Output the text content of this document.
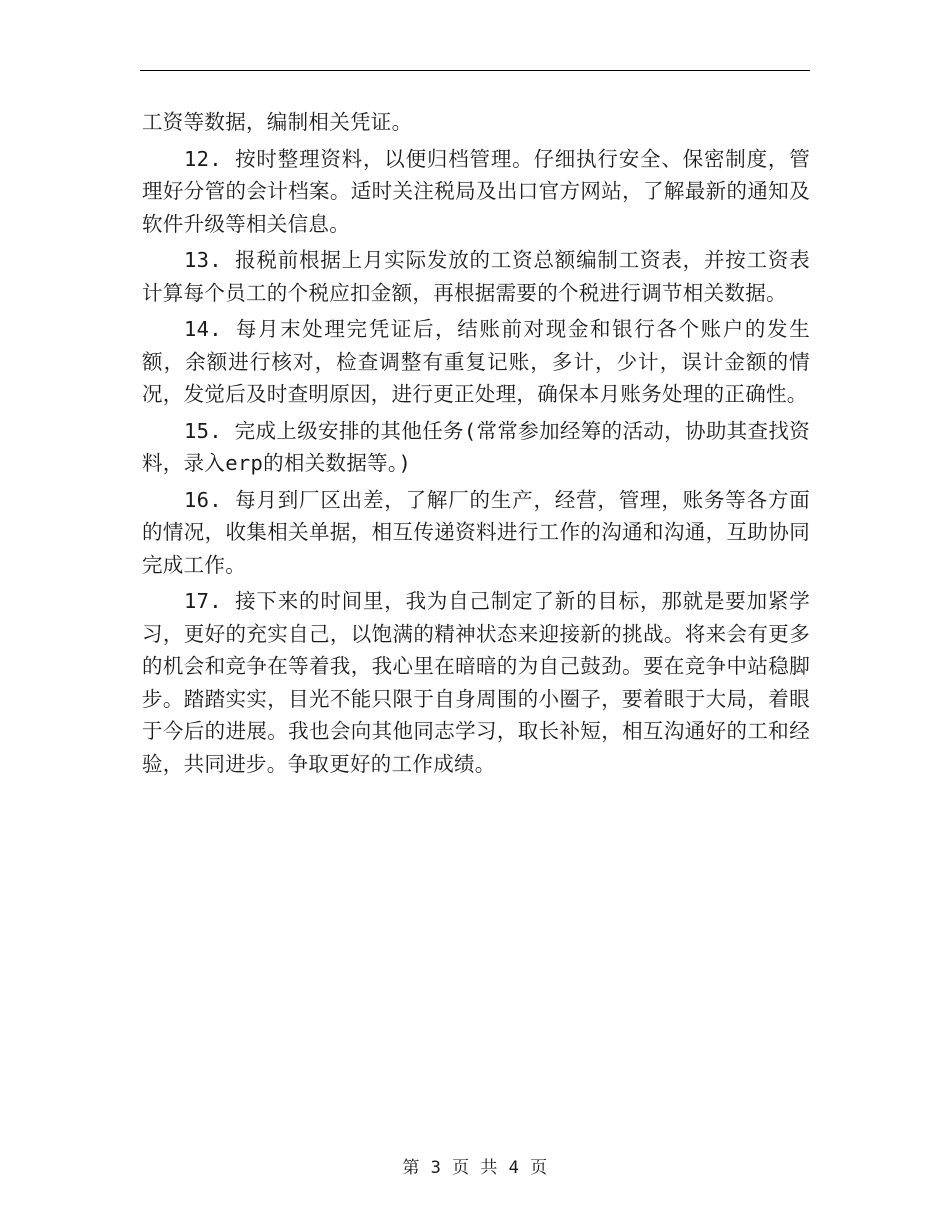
工资等数据，编制相关凭证。

12. 按时整理资料，以便归档管理。仔细执行安全、保密制度，管理好分管的会计档案。适时关注税局及出口官方网站，了解最新的通知及软件升级等相关信息。

13. 报税前根据上月实际发放的工资总额编制工资表，并按工资表计算每个员工的个税应扣金额，再根据需要的个税进行调节相关数据。

14. 每月末处理完凭证后，结账前对现金和银行各个账户的发生额，余额进行核对，检查调整有重复记账，多计，少计，误计金额的情况，发觉后及时查明原因，进行更正处理，确保本月账务处理的正确性。

15. 完成上级安排的其他任务(常常参加经筹的活动，协助其查找资料，录入erp的相关数据等。)

16. 每月到厂区出差，了解厂的生产，经营，管理，账务等各方面的情况，收集相关单据，相互传递资料进行工作的沟通和沟通，互助协同完成工作。

17. 接下来的时间里，我为自己制定了新的目标，那就是要加紧学习，更好的充实自己，以饱满的精神状态来迎接新的挑战。将来会有更多的机会和竞争在等着我，我心里在暗暗的为自己鼓劲。要在竞争中站稳脚步。踏踏实实，目光不能只限于自身周围的小圈子，要着眼于大局，着眼于今后的进展。我也会向其他同志学习，取长补短，相互沟通好的工和经验，共同进步。争取更好的工作成绩。

第 3 页 共 4 页
